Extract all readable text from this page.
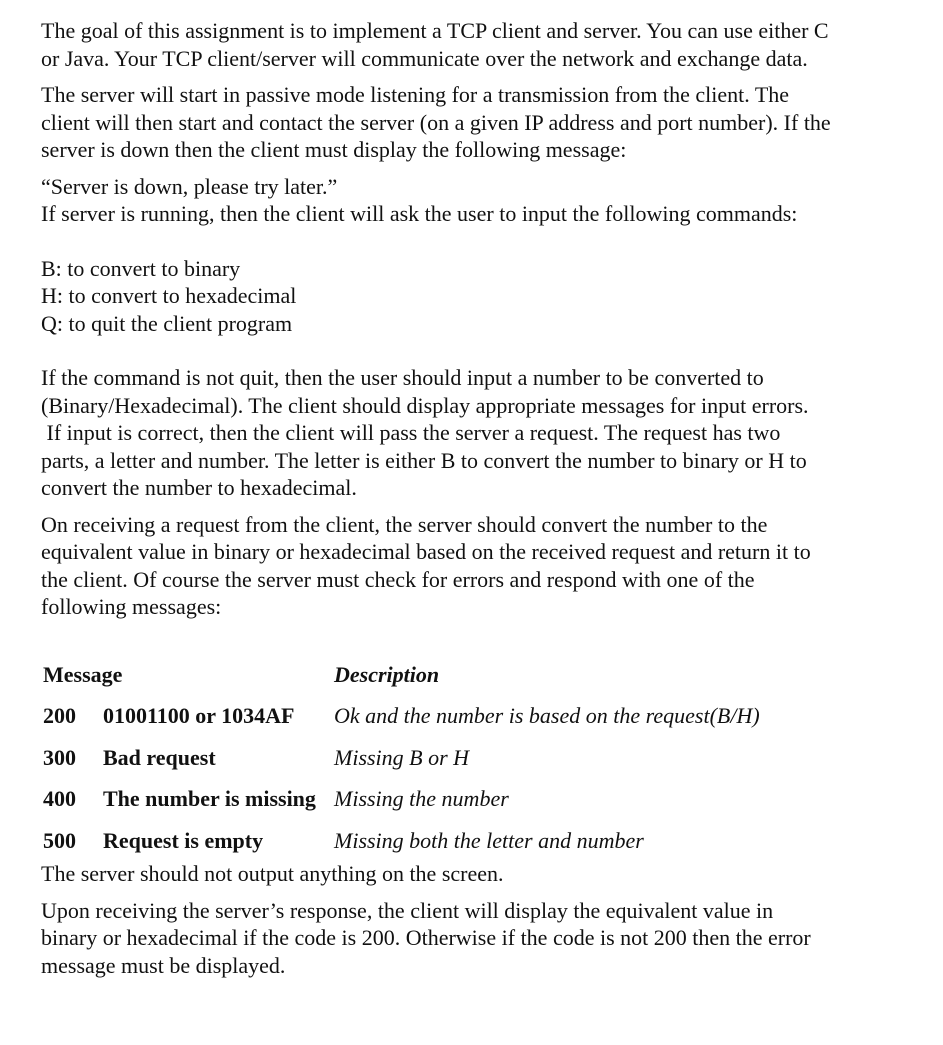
The goal of this assignment is to implement a TCP client and server. You can use either C
or Java. Your TCP client/server will communicate over the network and exchange data.

The server will start in passive mode listening for a transmission from the client. The
client will then start and contact the server (on a given IP address and port number). If the
server is down then the client must display the following message:

“Server is down, please try later.”
If server is running, then the client will ask the user to input the following commands:

B: to convert to binary
H: to convert to hexadecimal
Q: to quit the client program

If the command is not quit, then the user should input a number to be converted to
(Binary/Hexadecimal). The client should display appropriate messages for input errors.
If input is correct, then the client will pass the server a request. The request has two
parts, a letter and number. The letter is either B to convert the number to binary or H to
convert the number to hexadecimal.

On receiving a request from the client, the server should convert the number to the
equivalent value in binary or hexadecimal based on the received request and return it to
the client. Of course the server must check for errors and respond with one of the
following messages:

Message		Description
200	01001100 or 1034AF	Ok and the number is based on the request(B/H)
300	Bad request	Missing B or H
400	The number is missing	Missing the number
500	Request is empty	Missing both the letter and number

The server should not output anything on the screen.

Upon receiving the server’s response, the client will display the equivalent value in
binary or hexadecimal if the code is 200. Otherwise if the code is not 200 then the error
message must be displayed.
